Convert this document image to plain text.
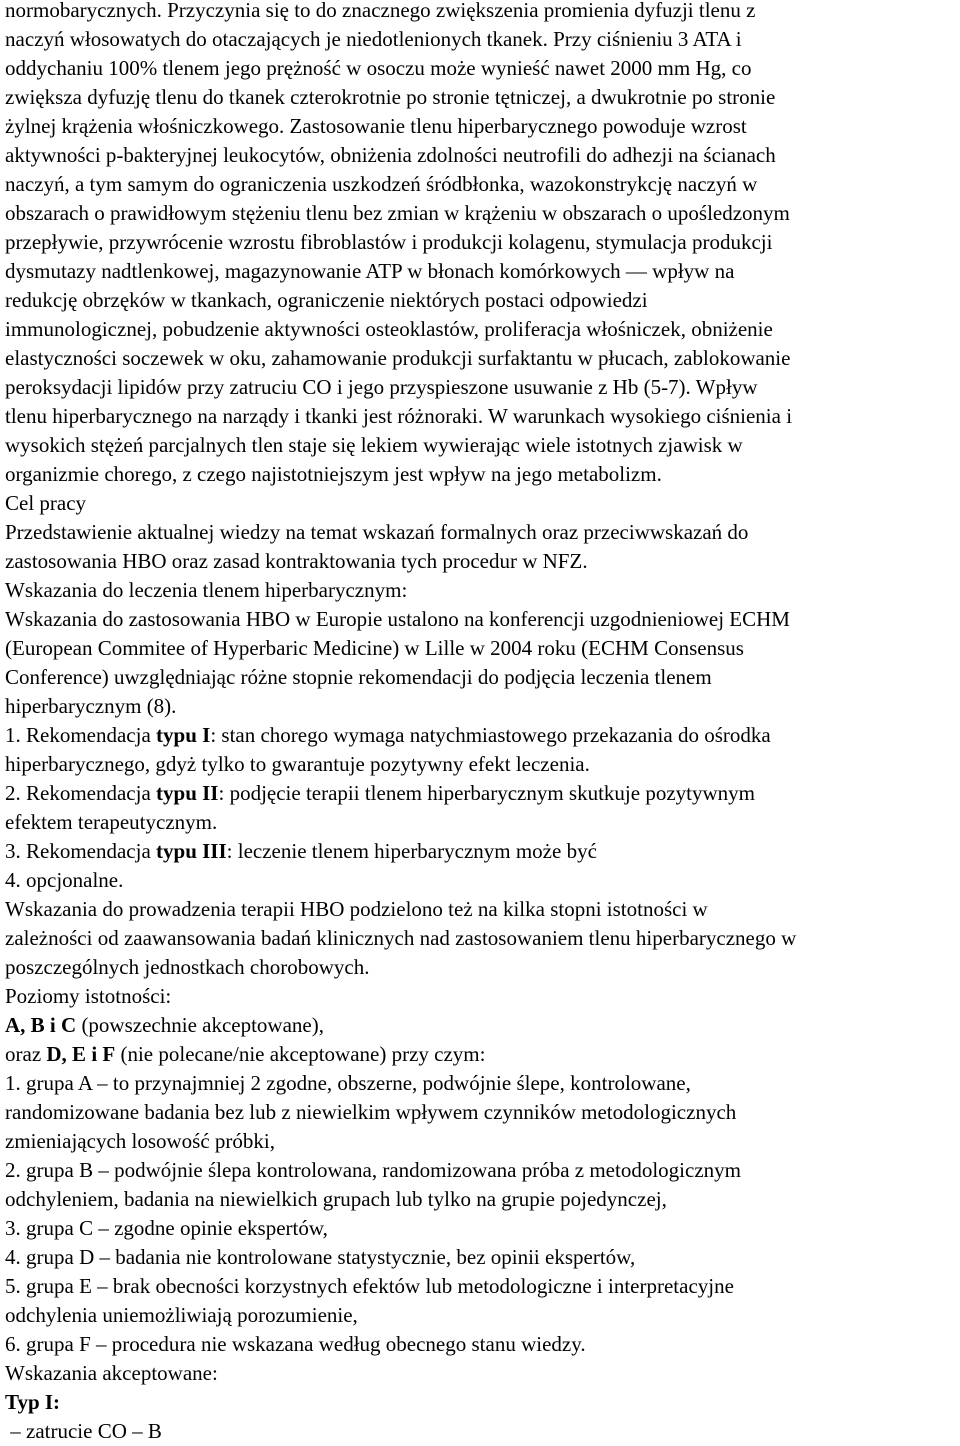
normobarycznych. Przyczynia się to do znacznego zwiększenia promienia dyfuzji tlenu z
naczyń włosowatych do otaczających je niedotlenionych tkanek. Przy ciśnieniu 3 ATA i
oddychaniu 100% tlenem jego prężność w osoczu może wynieść nawet 2000 mm Hg, co
zwiększa dyfuzję tlenu do tkanek czterokrotnie po stronie tętniczej, a dwukrotnie po stronie
żylnej krążenia włośniczkowego. Zastosowanie tlenu hiperbarycznego powoduje wzrost
aktywności p-bakteryjnej leukocytów, obniżenia zdolności neutrofili do adhezji na ścianach
naczyń, a tym samym do ograniczenia uszkodzeń śródbłonka, wazokonstrykcję naczyń w
obszarach o prawidłowym stężeniu tlenu bez zmian w krążeniu w obszarach o upośledzonym
przepływie, przywrócenie wzrostu fibroblastów i produkcji kolagenu, stymulacja produkcji
dysmutazy nadtlenkowej, magazynowanie ATP w błonach komórkowych — wpływ na
redukcję obrzęków w tkankach, ograniczenie niektórych postaci odpowiedzi
immunologicznej, pobudzenie aktywności osteoklastów, proliferacja włośniczek, obniżenie
elastyczności soczewek w oku, zahamowanie produkcji surfaktantu w płucach, zablokowanie
peroksydacji lipidów przy zatruciu CO i jego przyspieszone usuwanie z Hb (5-7). Wpływ
tlenu hiperbarycznego na narządy i tkanki jest różnoraki. W warunkach wysokiego ciśnienia i
wysokich stężeń parcjalnych tlen staje się lekiem wywierając wiele istotnych zjawisk w
organizmie chorego, z czego najistotniejszym jest wpływ na jego metabolizm.
Cel pracy
Przedstawienie aktualnej wiedzy na temat wskazań formalnych oraz przeciwwskazań do
zastosowania HBO oraz zasad kontraktowania tych procedur w NFZ.
Wskazania do leczenia tlenem hiperbarycznym:
Wskazania do zastosowania HBO w Europie ustalono na konferencji uzgodnieniowej ECHM
(European Commitee of Hyperbaric Medicine) w Lille w 2004 roku (ECHM Consensus
Conference) uwzględniając różne stopnie rekomendacji do podjęcia leczenia tlenem
hiperbarycznym (8).
1. Rekomendacja typu I: stan chorego wymaga natychmiastowego przekazania do ośrodka
hiperbarycznego, gdyż tylko to gwarantuje pozytywny efekt leczenia.
2. Rekomendacja typu II: podjęcie terapii tlenem hiperbarycznym skutkuje pozytywnym
efektem terapeutycznym.
3. Rekomendacja typu III: leczenie tlenem hiperbarycznym może być
4. opcjonalne.
Wskazania do prowadzenia terapii HBO podzielono też na kilka stopni istotności w
zależności od zaawansowania badań klinicznych nad zastosowaniem tlenu hiperbarycznego w
poszczególnych jednostkach chorobowych.
Poziomy istotności:
A, B i C (powszechnie akceptowane),
oraz D, E i F (nie polecane/nie akceptowane) przy czym:
1. grupa A – to przynajmniej 2 zgodne, obszerne, podwójnie ślepe, kontrolowane,
randomizowane badania bez lub z niewielkim wpływem czynników metodologicznych
zmieniających losowość próbki,
2. grupa B – podwójnie ślepa kontrolowana, randomizowana próba z metodologicznym
odchyleniem, badania na niewielkich grupach lub tylko na grupie pojedynczej,
3. grupa C – zgodne opinie ekspertów,
4. grupa D – badania nie kontrolowane statystycznie, bez opinii ekspertów,
5. grupa E – brak obecności korzystnych efektów lub metodologiczne i interpretacyjne
odchylenia uniemożliwiają porozumienie,
6. grupa F – procedura nie wskazana według obecnego stanu wiedzy.
Wskazania akceptowane:
Typ I:
– zatrucie CO – B
